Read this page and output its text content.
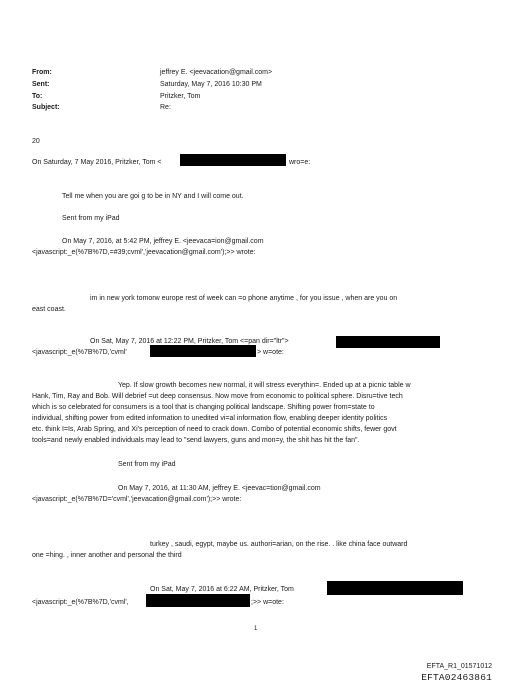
From:	jeffrey E. <jeevacation@gmail.com>
Sent:	Saturday, May 7, 2016 10:30 PM
To:	Pritzker, Tom
Subject:	Re:
20
On Saturday, 7 May 2016, Pritzker, Tom <	wro=e:
Tell me when you are goi g to be in NY and I will come out.
Sent from my iPad
On May 7, 2016, at 5:42 PM, jeffrey E. <jeevaca=ion@gmail.com
<javascript:_e(%7B%7D,=#39;cvml','jeevacation@gmail.com');>> wrote:
im in new york tomorw europe rest of week can =o phone anytime , for you issue , when are you on
east coast.
On Sat, May 7, 2016 at 12:22 PM, Pritzker, Tom <=pan dir="ltr">
<javascript:_e(%7B%7D,'cvml'	> w=ote:
Yep. If slow growth becomes new normal, it will stress everythin=. Ended up at a picnic table w
Hank, Tim, Ray and Bob. Will debrief =ut deep consensus. Now move from economic to political sphere. Disru=tive tech
which is so celebrated for consumers is a tool that is changing political landscape. Shifting power from=state to
individual, shifting power from edited information to unedited vi=al information flow, enabling deeper identity politics
etc. think I=Is, Arab Spring, and Xi's perception of need to crack down. Combo of potential economic shifts, fewer govt
tools=and newly enabled individuals may lead to "send lawyers, guns and mon=y, the shit has hit the fan".
Sent from my iPad
On May 7, 2016, at 11:30 AM, jeffrey E. <jeevac=tion@gmail.com
<javascript:_e(%7B%7D='cvml','jeevacation@gmail.com');>> wrote:
turkey , saudi, egypt, maybe us. authori=arian, on the rise. . like china face outward
one =hing. , inner another and personal the third
On Sat, May 7, 2016 at 6:22 AM, Pritzker, Tom
<javascript:_e(%7B%7D,'cvml',	;>> w=ote:
1
EFTA_R1_01571012
EFTA02463861
